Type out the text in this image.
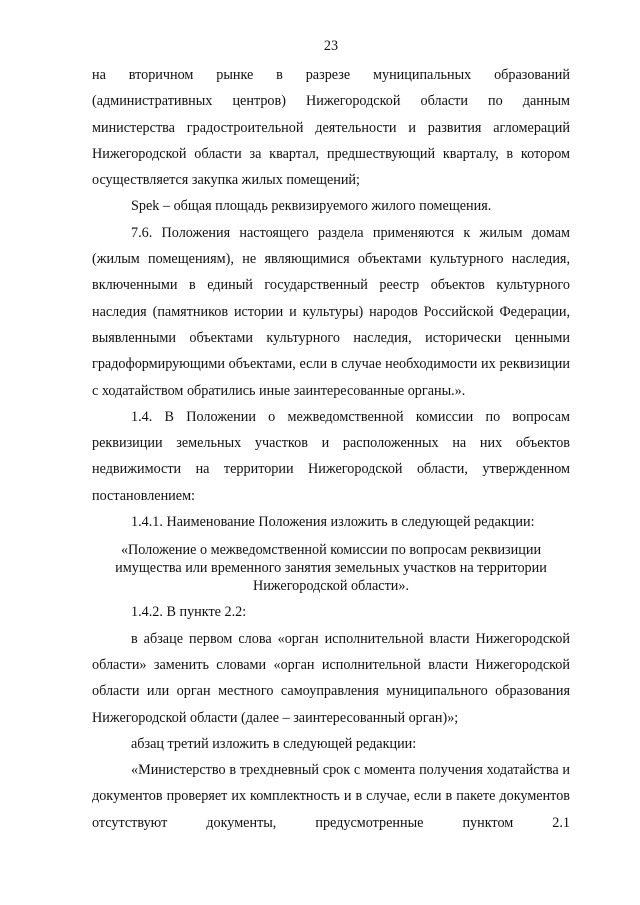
23

на вторичном рынке в разрезе муниципальных образований (административных центров) Нижегородской области по данным министерства градостроительной деятельности и развития агломераций Нижегородской области за квартал, предшествующий кварталу, в котором осуществляется закупка жилых помещений;

Spek – общая площадь реквизируемого жилого помещения.

7.6. Положения настоящего раздела применяются к жилым домам (жилым помещениям), не являющимися объектами культурного наследия, включенными в единый государственный реестр объектов культурного наследия (памятников истории и культуры) народов Российской Федерации, выявленными объектами культурного наследия, исторически ценными градоформирующими объектами, если в случае необходимости их реквизиции с ходатайством обратились иные заинтересованные органы.».

1.4. В Положении о межведомственной комиссии по вопросам реквизиции земельных участков и расположенных на них объектов недвижимости на территории Нижегородской области, утвержденном постановлением:

1.4.1. Наименование Положения изложить в следующей редакции:

«Положение о межведомственной комиссии по вопросам реквизиции имущества или временного занятия земельных участков на территории Нижегородской области».

1.4.2. В пункте 2.2:

в абзаце первом слова «орган исполнительной власти Нижегородской области» заменить словами «орган исполнительной власти Нижегородской области или орган местного самоуправления муниципального образования Нижегородской области (далее – заинтересованный орган)»;

абзац третий изложить в следующей редакции:

«Министерство в трехдневный срок с момента получения ходатайства и документов проверяет их комплектность и в случае, если в пакете документов отсутствуют документы, предусмотренные пунктом 2.1
